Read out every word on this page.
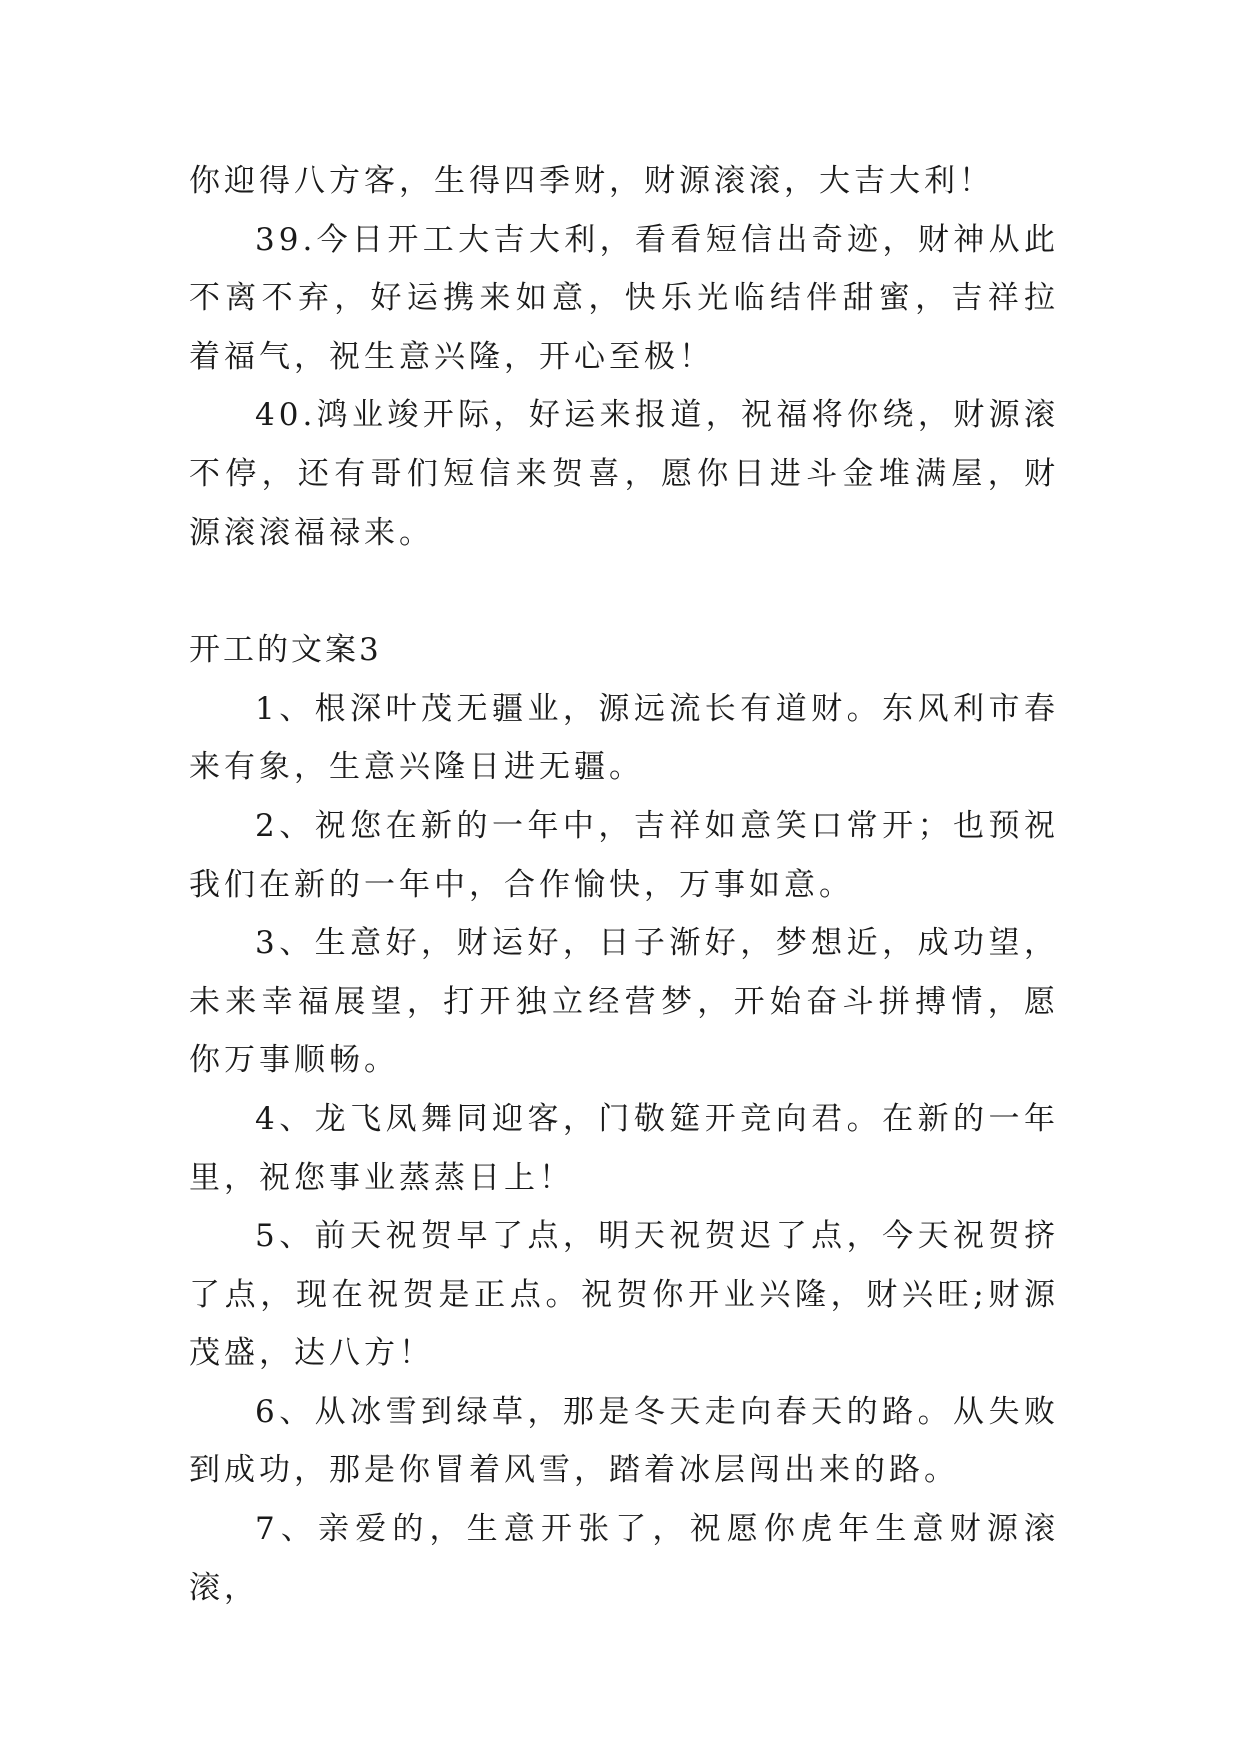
你迎得八方客，生得四季财，财源滚滚，大吉大利！

39.今日开工大吉大利，看看短信出奇迹，财神从此不离不弃，好运携来如意，快乐光临结伴甜蜜，吉祥拉着福气，祝生意兴隆，开心至极！

40.鸿业竣开际，好运来报道，祝福将你绕，财源滚不停，还有哥们短信来贺喜，愿你日进斗金堆满屋，财源滚滚福禄来。

开工的文案3

1、根深叶茂无疆业，源远流长有道财。东风利市春来有象，生意兴隆日进无疆。

2、祝您在新的一年中，吉祥如意笑口常开；也预祝我们在新的一年中，合作愉快，万事如意。

3、生意好，财运好，日子渐好，梦想近，成功望，未来幸福展望，打开独立经营梦，开始奋斗拼搏情，愿你万事顺畅。

4、龙飞凤舞同迎客，门敬筵开竞向君。在新的一年里，祝您事业蒸蒸日上！

5、前天祝贺早了点，明天祝贺迟了点，今天祝贺挤了点，现在祝贺是正点。祝贺你开业兴隆，财兴旺;财源茂盛，达八方！

6、从冰雪到绿草，那是冬天走向春天的路。从失败到成功，那是你冒着风雪，踏着冰层闯出来的路。

7、亲爱的，生意开张了，祝愿你虎年生意财源滚滚，
